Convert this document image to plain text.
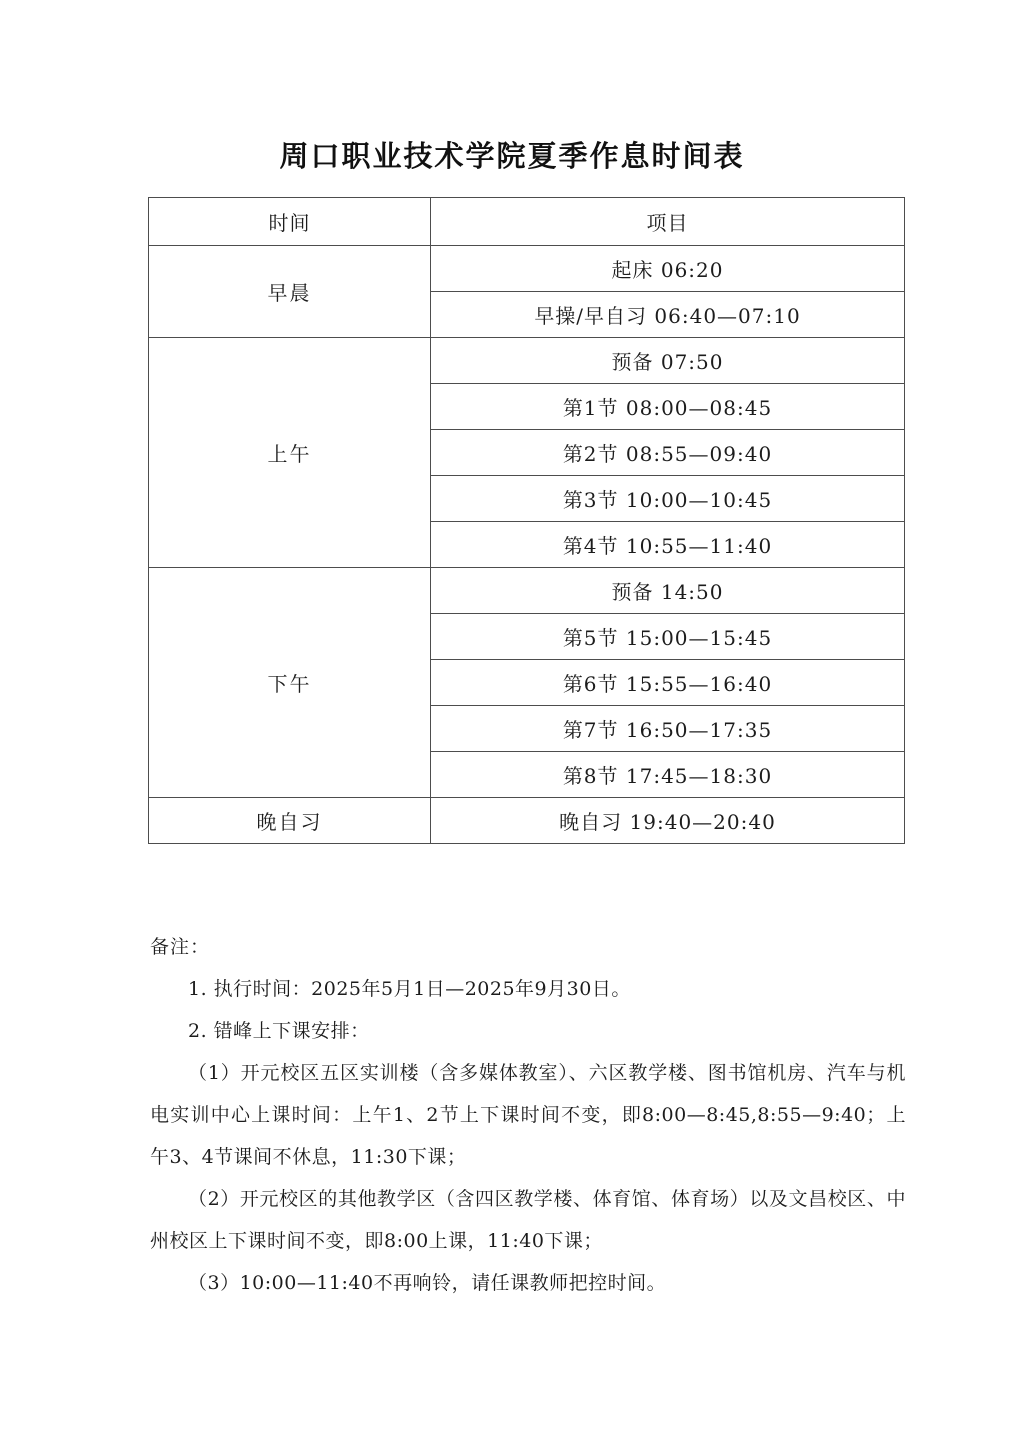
周口职业技术学院夏季作息时间表
时间	项目
早晨	起床 06:20
	早操/早自习 06:40—07:10
上午	预备 07:50
	第1节 08:00—08:45
	第2节 08:55—09:40
	第3节 10:00—10:45
	第4节 10:55—11:40
下午	预备 14:50
	第5节 15:00—15:45
	第6节 15:55—16:40
	第7节 16:50—17:35
	第8节 17:45—18:30
晚自习	晚自习 19:40—20:40
备注：

1. 执行时间：2025年5月1日—2025年9月30日。

2. 错峰上下课安排：

（1）开元校区五区实训楼（含多媒体教室）、六区教学楼、图书馆机房、汽车与机电实训中心上课时间：上午1、2节上下课时间不变，即8:00—8:45,8:55—9:40；上午3、4节课间不休息，11:30下课；

（2）开元校区的其他教学区（含四区教学楼、体育馆、体育场）以及文昌校区、中州校区上下课时间不变，即8:00上课，11:40下课；

（3）10:00—11:40不再响铃，请任课教师把控时间。
